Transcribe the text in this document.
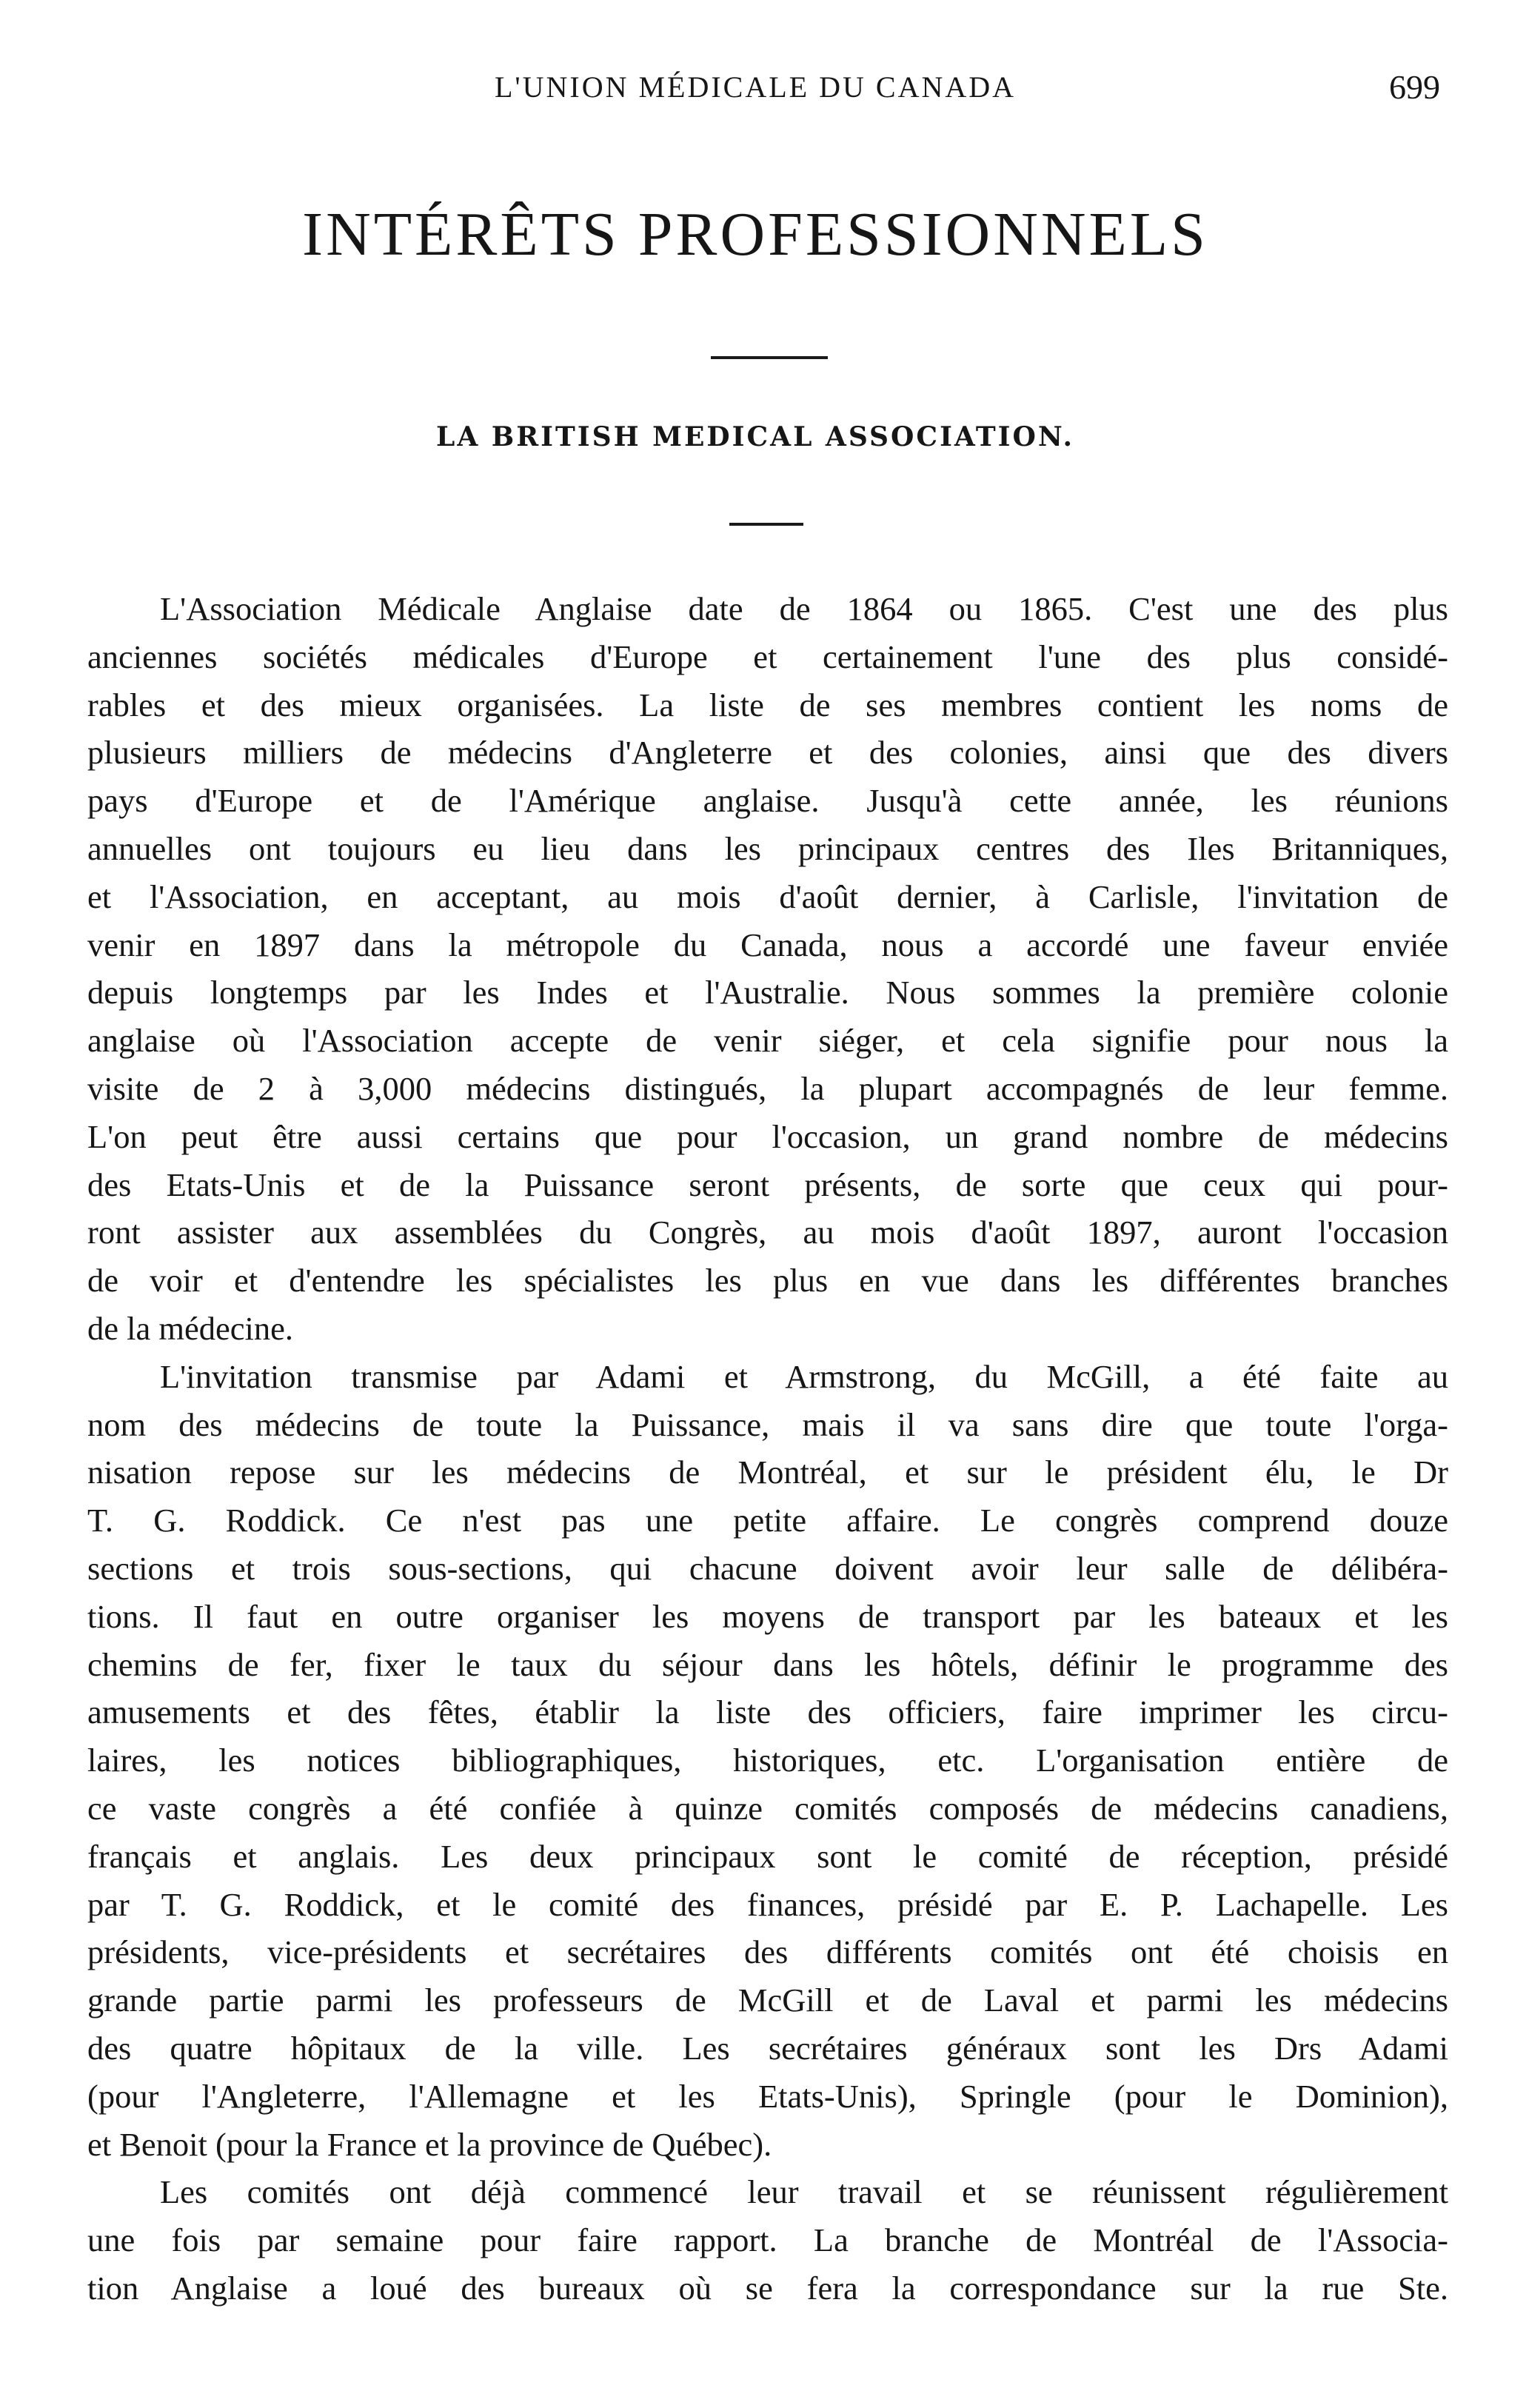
L'UNION MÉDICALE DU CANADA	699
INTÉRÊTS PROFESSIONNELS
LA BRITISH MEDICAL ASSOCIATION.
L'Association Médicale Anglaise date de 1864 ou 1865. C'est une des plus
anciennes sociétés médicales d'Europe et certainement l'une des plus considé-
rables et des mieux organisées. La liste de ses membres contient les noms de
plusieurs milliers de médecins d'Angleterre et des colonies, ainsi que des divers
pays d'Europe et de l'Amérique anglaise. Jusqu'à cette année, les réunions
annuelles ont toujours eu lieu dans les principaux centres des Iles Britanniques,
et l'Association, en acceptant, au mois d'août dernier, à Carlisle, l'invitation de
venir en 1897 dans la métropole du Canada, nous a accordé une faveur enviée
depuis longtemps par les Indes et l'Australie. Nous sommes la première colonie
anglaise où l'Association accepte de venir siéger, et cela signifie pour nous la
visite de 2 à 3,000 médecins distingués, la plupart accompagnés de leur femme.
L'on peut être aussi certains que pour l'occasion, un grand nombre de médecins
des Etats-Unis et de la Puissance seront présents, de sorte que ceux qui pour-
ront assister aux assemblées du Congrès, au mois d'août 1897, auront l'occasion
de voir et d'entendre les spécialistes les plus en vue dans les différentes branches
de la médecine.
L'invitation transmise par Adami et Armstrong, du McGill, a été faite au
nom des médecins de toute la Puissance, mais il va sans dire que toute l'orga-
nisation repose sur les médecins de Montréal, et sur le président élu, le Dr
T. G. Roddick. Ce n'est pas une petite affaire. Le congrès comprend douze
sections et trois sous-sections, qui chacune doivent avoir leur salle de délibéra-
tions. Il faut en outre organiser les moyens de transport par les bateaux et les
chemins de fer, fixer le taux du séjour dans les hôtels, définir le programme des
amusements et des fêtes, établir la liste des officiers, faire imprimer les circu-
laires, les notices bibliographiques, historiques, etc. L'organisation entière de
ce vaste congrès a été confiée à quinze comités composés de médecins canadiens,
français et anglais. Les deux principaux sont le comité de réception, présidé
par T. G. Roddick, et le comité des finances, présidé par E. P. Lachapelle. Les
présidents, vice-présidents et secrétaires des différents comités ont été choisis en
grande partie parmi les professeurs de McGill et de Laval et parmi les médecins
des quatre hôpitaux de la ville. Les secrétaires généraux sont les Drs Adami
(pour l'Angleterre, l'Allemagne et les Etats-Unis), Springle (pour le Dominion),
et Benoit (pour la France et la province de Québec).
Les comités ont déjà commencé leur travail et se réunissent régulièrement
une fois par semaine pour faire rapport. La branche de Montréal de l'Associa-
tion Anglaise a loué des bureaux où se fera la correspondance sur la rue Ste.
